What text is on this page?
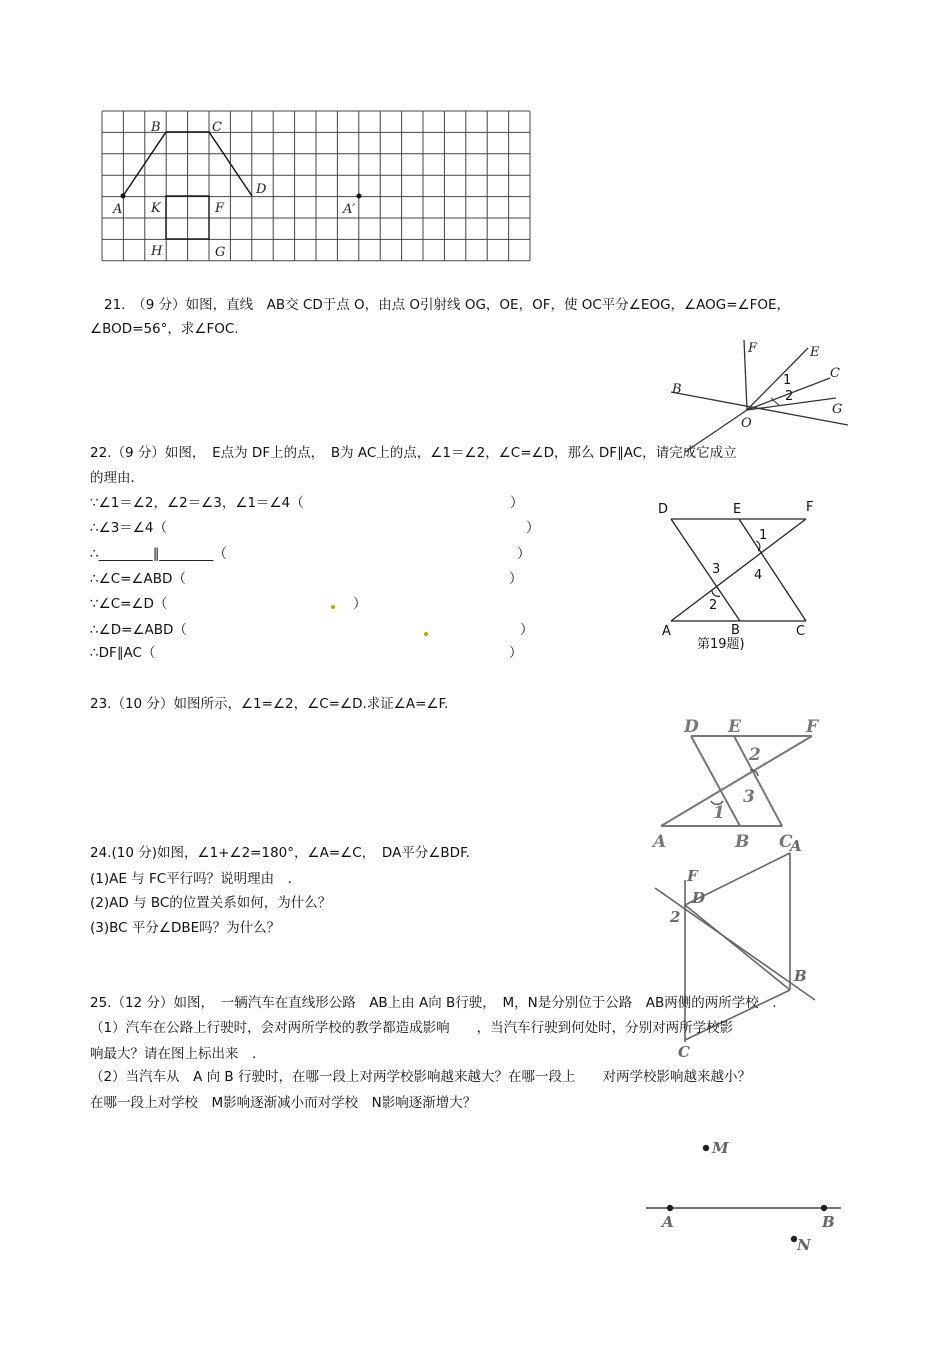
B	C
D
A K	F	A′
H	G
21.　（9 分）如图，直线　AB交 CD于点 O，由点 O引射线 OG，OE，OF，使 OC平分∠EOG，∠AOG=∠FOE，
∠BOD=56°，求∠FOC.
F	E
C
B
G
O
1
2
22.（9 分）如图，　E点为 DF上的点，　B为 AC上的点，∠1＝∠2，∠C=∠D，那么 DF∥AC，请完成它成立
的理由．
∵∠1＝∠2，∠2＝∠3，∠1＝∠4（	）
∴∠3＝∠4（	）
∴________∥________（	）
∴∠C=∠ABD（	）
∵∠C=∠D（	）
∴∠D=∠ABD（	）
∴DF∥AC（	）
D	E	F
1
3	4
2
A	B	C
第19题)
23.（10 分）如图所示，∠1=∠2，∠C=∠D.求证∠A=∠F.
D E	F
2
3
1
A	B C
24.(10 分)如图，∠1+∠2=180°，∠A=∠C，　DA平分∠BDF.
(1)AE 与 FC平行吗？说明理由　.
(2)AD 与 BC的位置关系如何，为什么？
(3)BC 平分∠DBE吗？为什么？
A
F
D
2
B
C
25.（12 分）如图，　一辆汽车在直线形公路　AB上由 A向 B行驶，　M，N是分别位于公路　AB两侧的两所学校　.
（1）汽车在公路上行驶时，会对两所学校的教学都造成影响　　，当汽车行驶到何处时，分别对两所学校影
响最大？请在图上标出来　.
（2）当汽车从　A 向 B 行驶时，在哪一段上对两学校影响越来越大？在哪一段上　　对两学校影响越来越小？
在哪一段上对学校　M影响逐渐减小而对学校　N影响逐渐增大？
M
A	B
N
